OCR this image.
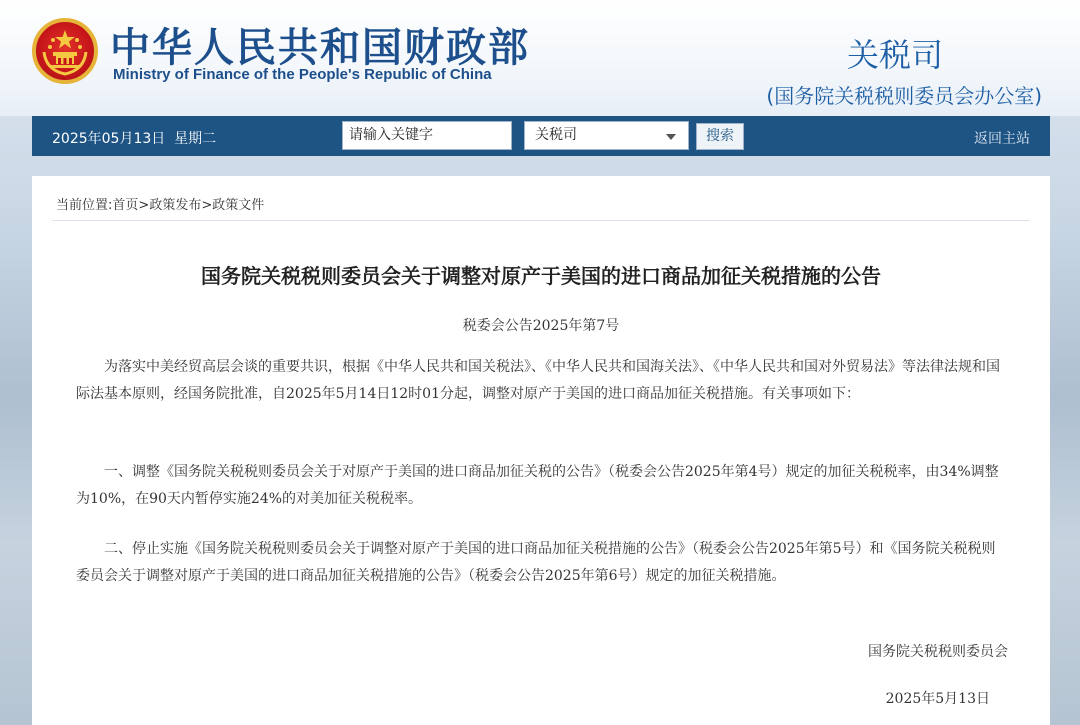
中华人民共和国财政部
Ministry of Finance of the People's Republic of China
关税司
(国务院关税税则委员会办公室)
2025年05月13日 星期二	请输入关键字	关税司	搜索	返回主站
当前位置:首页>政策发布>政策文件
国务院关税税则委员会关于调整对原产于美国的进口商品加征关税措施的公告
税委会公告2025年第7号
为落实中美经贸高层会谈的重要共识，根据《中华人民共和国关税法》、《中华人民共和国海关法》、《中华人民共和国对外贸易法》等法律法规和国际法基本原则，经国务院批准，自2025年5月14日12时01分起，调整对原产于美国的进口商品加征关税措施。有关事项如下：
一、调整《国务院关税税则委员会关于对原产于美国的进口商品加征关税的公告》（税委会公告2025年第4号）规定的加征关税税率，由34%调整为10%，在90天内暂停实施24%的对美加征关税税率。
二、停止实施《国务院关税税则委员会关于调整对原产于美国的进口商品加征关税措施的公告》（税委会公告2025年第5号）和《国务院关税税则委员会关于调整对原产于美国的进口商品加征关税措施的公告》（税委会公告2025年第6号）规定的加征关税措施。
国务院关税税则委员会
2025年5月13日
